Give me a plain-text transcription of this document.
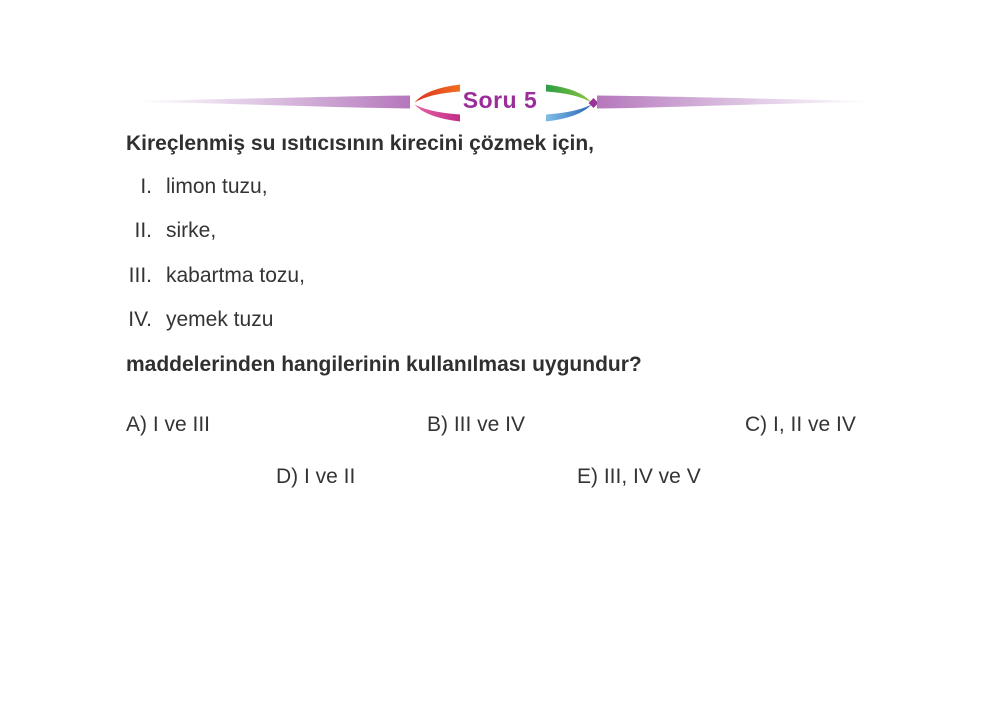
Soru 5

Kireçlenmiş su ısıtıcısının kirecini çözmek için,

I. limon tuzu,
II. sirke,
III. kabartma tozu,
IV. yemek tuzu

maddelerinden hangilerinin kullanılması uygundur?

A) I ve III	B) III ve IV	C) I, II ve IV
D) I ve II	E) III, IV ve V
